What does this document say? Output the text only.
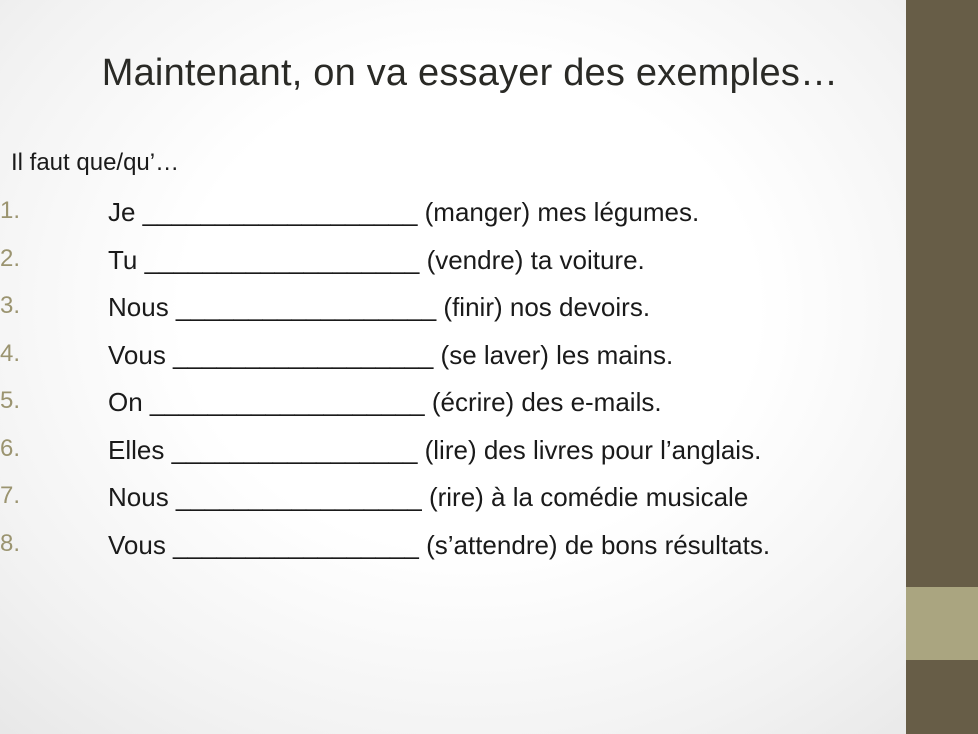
Maintenant, on va essayer des exemples…
Il faut que/qu’…
1.	Je ___________________ (manger) mes légumes.
2.	Tu ___________________ (vendre) ta voiture.
3.	Nous __________________ (finir) nos devoirs.
4.	Vous __________________ (se laver) les mains.
5.	On ___________________ (écrire) des e-mails.
6.	Elles _________________ (lire) des livres pour l’anglais.
7.	Nous _________________ (rire) à la comédie musicale
8.	Vous _________________ (s’attendre) de bons résultats.
